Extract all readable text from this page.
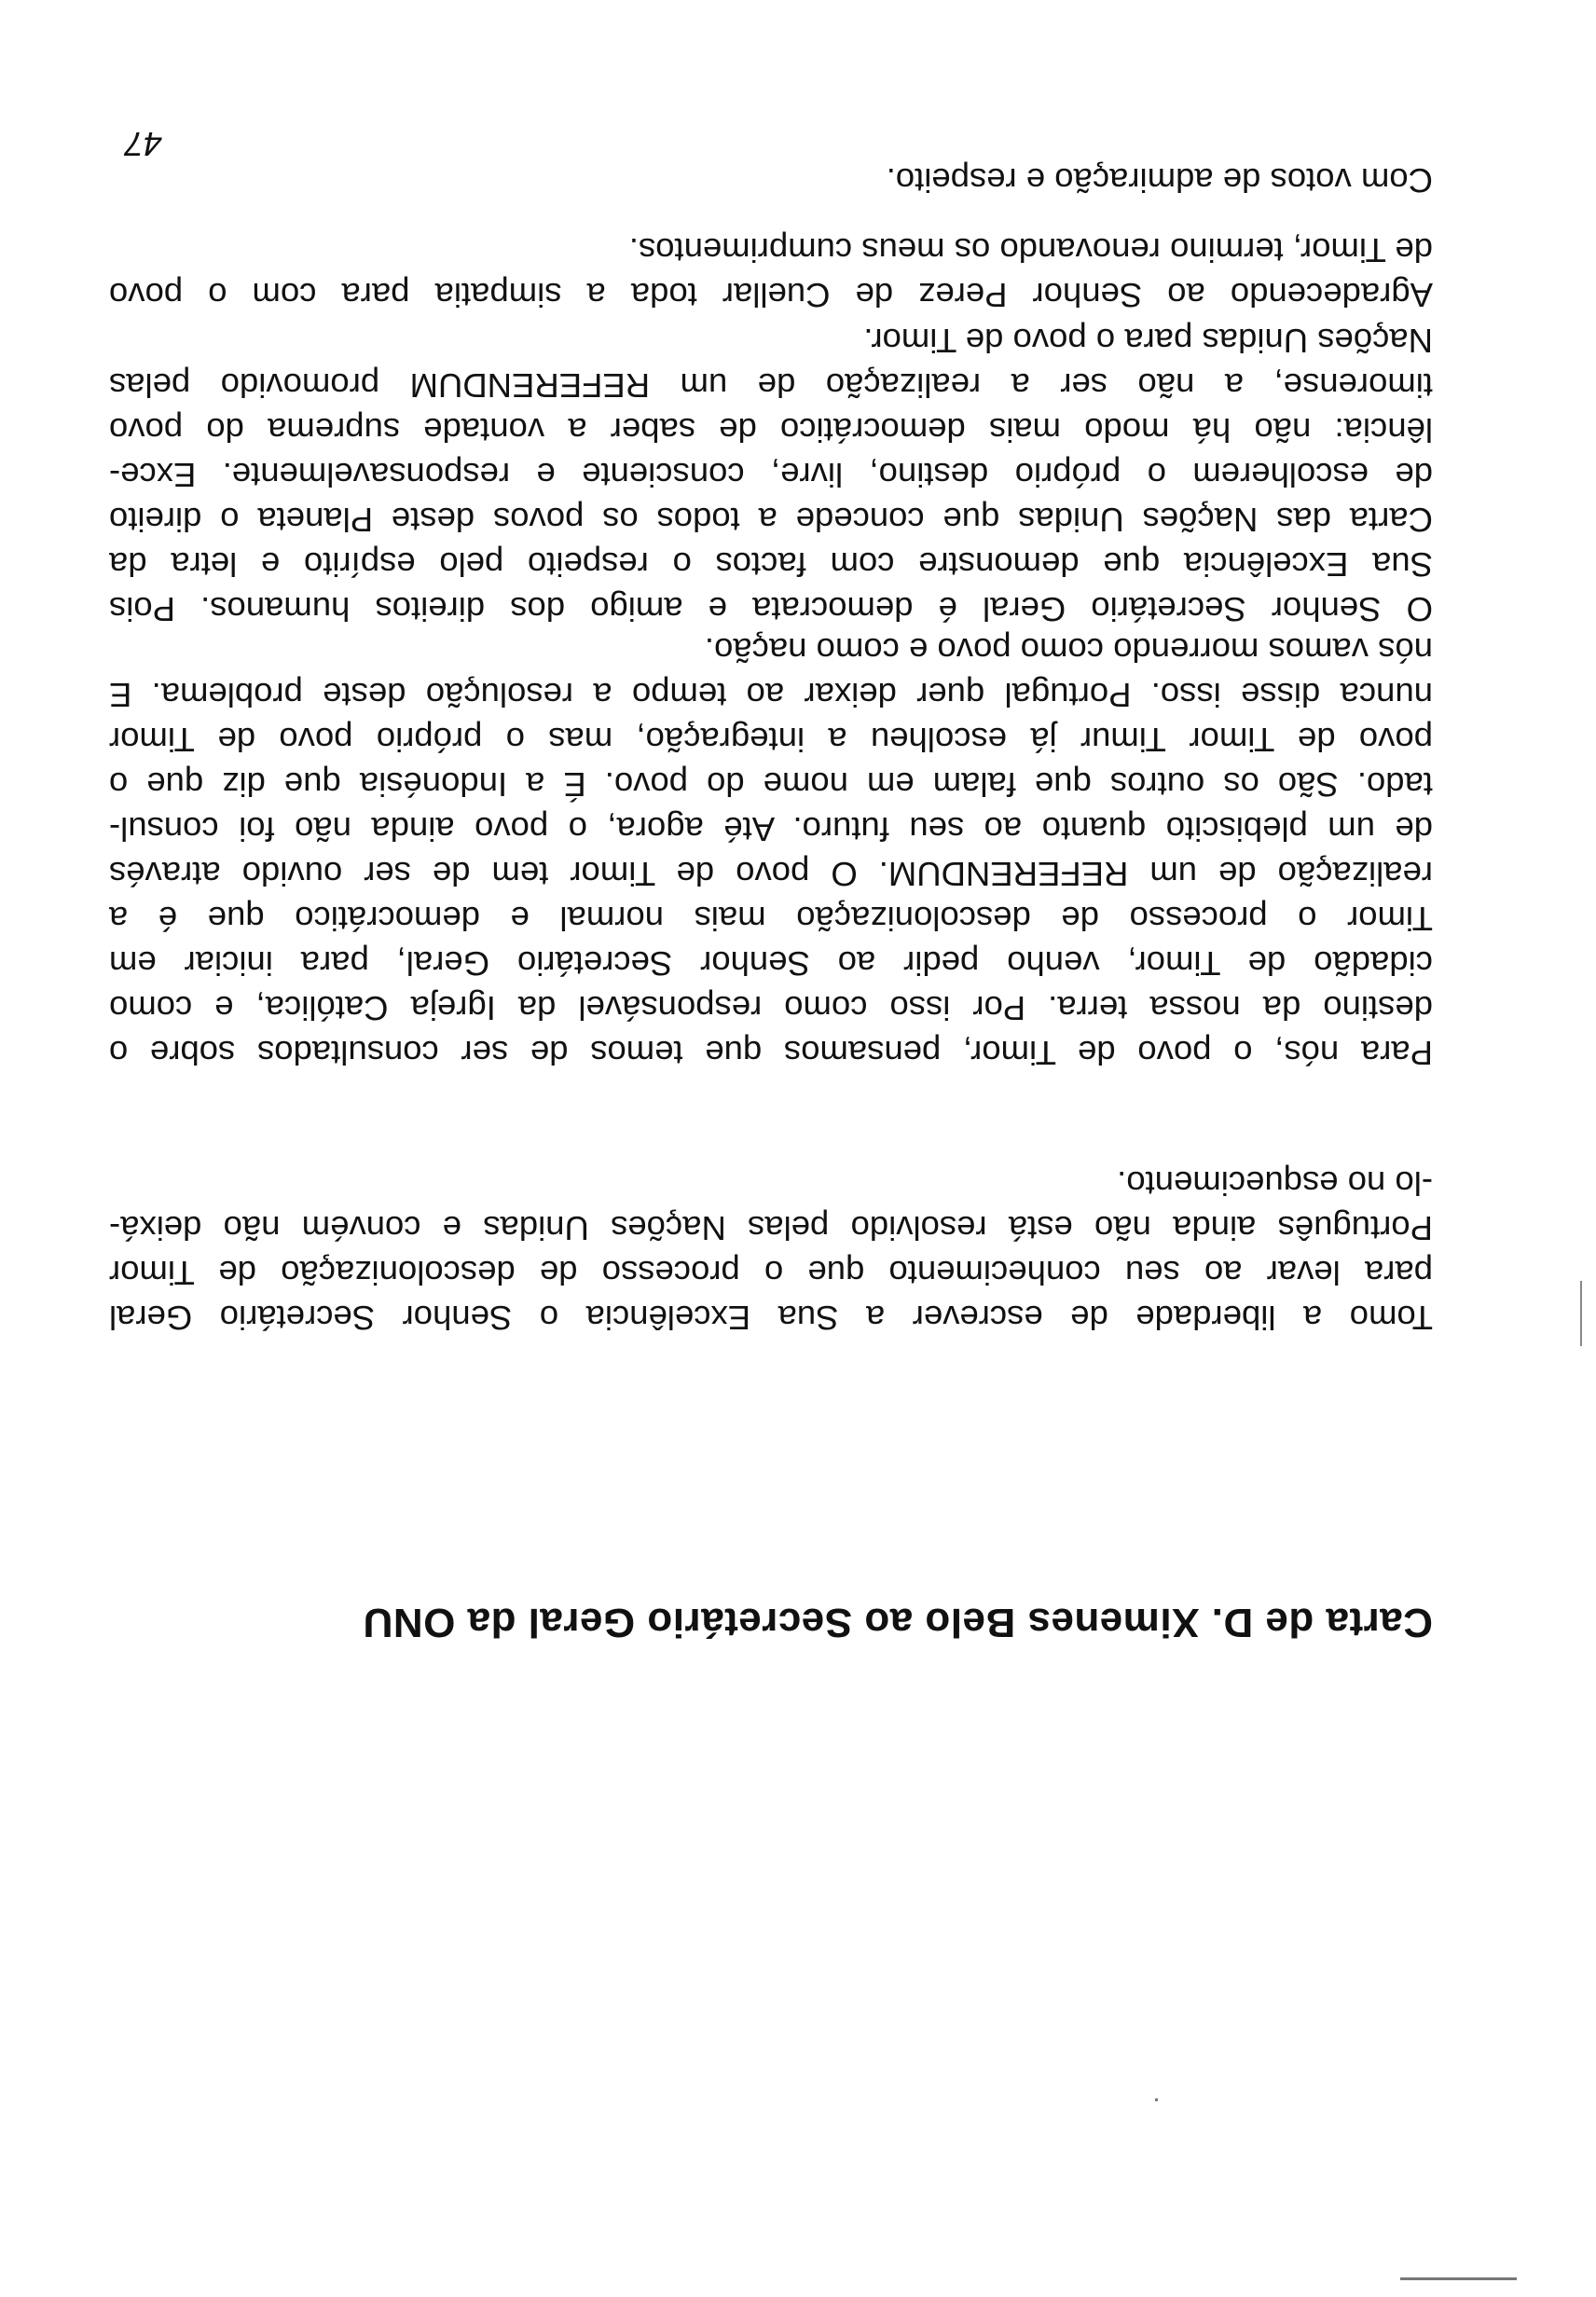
Carta de D. Ximenes Belo ao Secretário Geral da ONU
Tomo a liberdade de escrever a Sua Excelência o Senhor Secretário Geral
para levar ao seu conhecimento que o processo de descolonização de Timor
Português ainda não está resolvido pelas Nações Unidas e convém não deixá-
-lo no esquecimento.
Para nós, o povo de Timor, pensamos que temos de ser consultados sobre o
destino da nossa terra. Por isso como responsável da Igreja Católica, e como
cidadão de Timor, venho pedir ao Senhor Secretário Geral, para iniciar em
Timor o processo de descolonização mais normal e democrático que é a
realização de um REFERENDUM. O povo de Timor tem de ser ouvido através
de um plebiscito quanto ao seu futuro. Até agora, o povo ainda não foi consul-
tado. São os outros que falam em nome do povo. É a Indonésia que diz que o
povo de Timor Timur já escolheu a integração, mas o próprio povo de Timor
nunca disse isso. Portugal quer deixar ao tempo a resolução deste problema. E
nós vamos morrendo como povo e como nação.
O Senhor Secretário Geral é democrata e amigo dos direitos humanos. Pois
Sua Excelência que demonstre com factos o respeito pelo espírito e letra da
Carta das Nações Unidas que concede a todos os povos deste Planeta o direito
de escolherem o próprio destino, livre, consciente e responsavelmente. Exce-
lência: não há modo mais democrático de saber a vontade suprema do povo
timorense, a não ser a realização de um REFERENDUM promovido pelas
Nações Unidas para o povo de Timor.
Agradecendo ao Senhor Perez de Cuellar toda a simpatia para com o povo
de Timor, termino renovando os meus cumprimentos.
Com votos de admiração e respeito.
47
